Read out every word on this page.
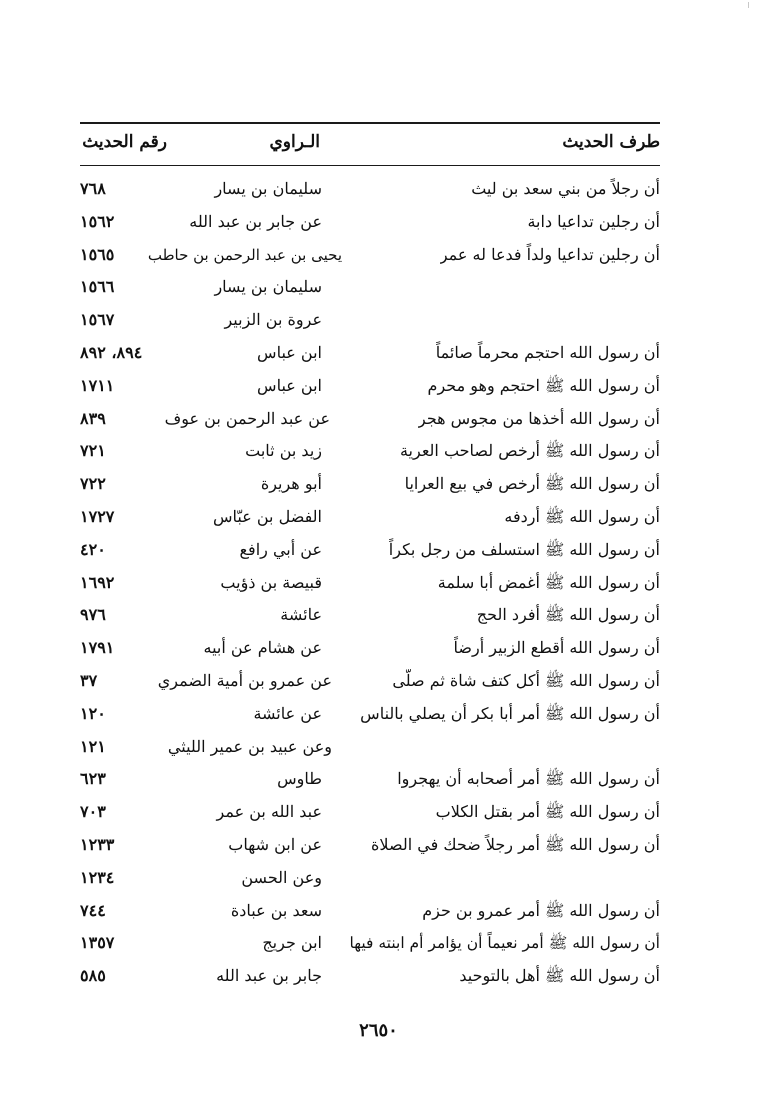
طرف الحديث
الـراوي
رقم الحديث
أن رجلاً من بني سعد بن ليث
سليمان بن يسار
٧٦٨
أن رجلين تداعيا دابة
عن جابر بن عبد الله
١٥٦٢
أن رجلين تداعيا ولداً فدعا له عمر
يحيى بن عبد الرحمن بن حاطب
١٥٦٥
سليمان بن يسار
١٥٦٦
عروة بن الزبير
١٥٦٧
أن رسول الله احتجم محرماً صائماً
ابن عباس
٨٩٤، ٨٩٢
أن رسول الله ﷺ احتجم وهو محرم
ابن عباس
١٧١١
أن رسول الله أخذها من مجوس هجر
عن عبد الرحمن بن عوف
٨٣٩
أن رسول الله ﷺ أرخص لصاحب العرية
زيد بن ثابت
٧٢١
أن رسول الله ﷺ أرخص في بيع العرايا
أبو هريرة
٧٢٢
أن رسول الله ﷺ أردفه
الفضل بن عبّاس
١٧٢٧
أن رسول الله ﷺ استسلف من رجل بكراً
عن أبي رافع
٤٢٠
أن رسول الله ﷺ أغمض أبا سلمة
قبيصة بن ذؤيب
١٦٩٢
أن رسول الله ﷺ أفرد الحج
عائشة
٩٧٦
أن رسول الله أقطع الزبير أرضاً
عن هشام عن أبيه
١٧٩١
أن رسول الله ﷺ أكل كتف شاة ثم صلّى
عن عمرو بن أمية الضمري
٣٧
أن رسول الله ﷺ أمر أبا بكر أن يصلي بالناس
عن عائشة
١٢٠
وعن عبيد بن عمير الليثي
١٢١
أن رسول الله ﷺ أمر أصحابه أن يهجروا
طاوس
٦٢٣
أن رسول الله ﷺ أمر بقتل الكلاب
عبد الله بن عمر
٧٠٣
أن رسول الله ﷺ أمر رجلاً ضحك في الصلاة
عن ابن شهاب
١٢٣٣
وعن الحسن
١٢٣٤
أن رسول الله ﷺ أمر عمرو بن حزم
سعد بن عبادة
٧٤٤
أن رسول الله ﷺ أمر نعيماً أن يؤامر أم ابنته فيها
ابن جريج
١٣٥٧
أن رسول الله ﷺ أهل بالتوحيد
جابر بن عبد الله
٥٨٥
٢٦٥٠
